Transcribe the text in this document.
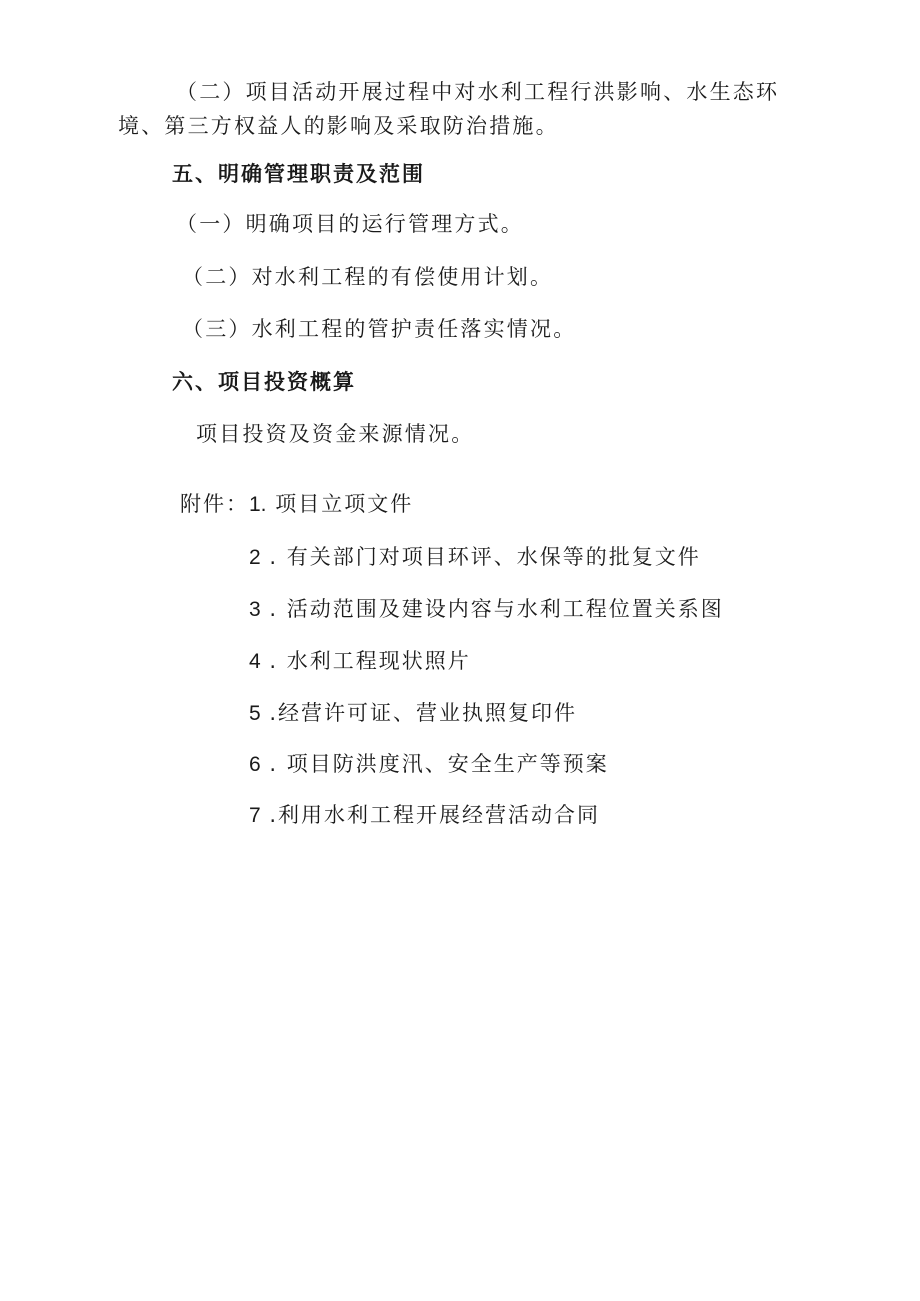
（二）项目活动开展过程中对水利工程行洪影响、水生态环
境、第三方权益人的影响及采取防治措施。
五、明确管理职责及范围
（一）明确项目的运行管理方式。
（二）对水利工程的有偿使用计划。
（三）水利工程的管护责任落实情况。
六、项目投资概算
项目投资及资金来源情况。
附件：1. 项目立项文件
2 . 有关部门对项目环评、水保等的批复文件
3 . 活动范围及建设内容与水利工程位置关系图
4 . 水利工程现状照片
5 .经营许可证、营业执照复印件
6 . 项目防洪度汛、安全生产等预案
7 .利用水利工程开展经营活动合同
